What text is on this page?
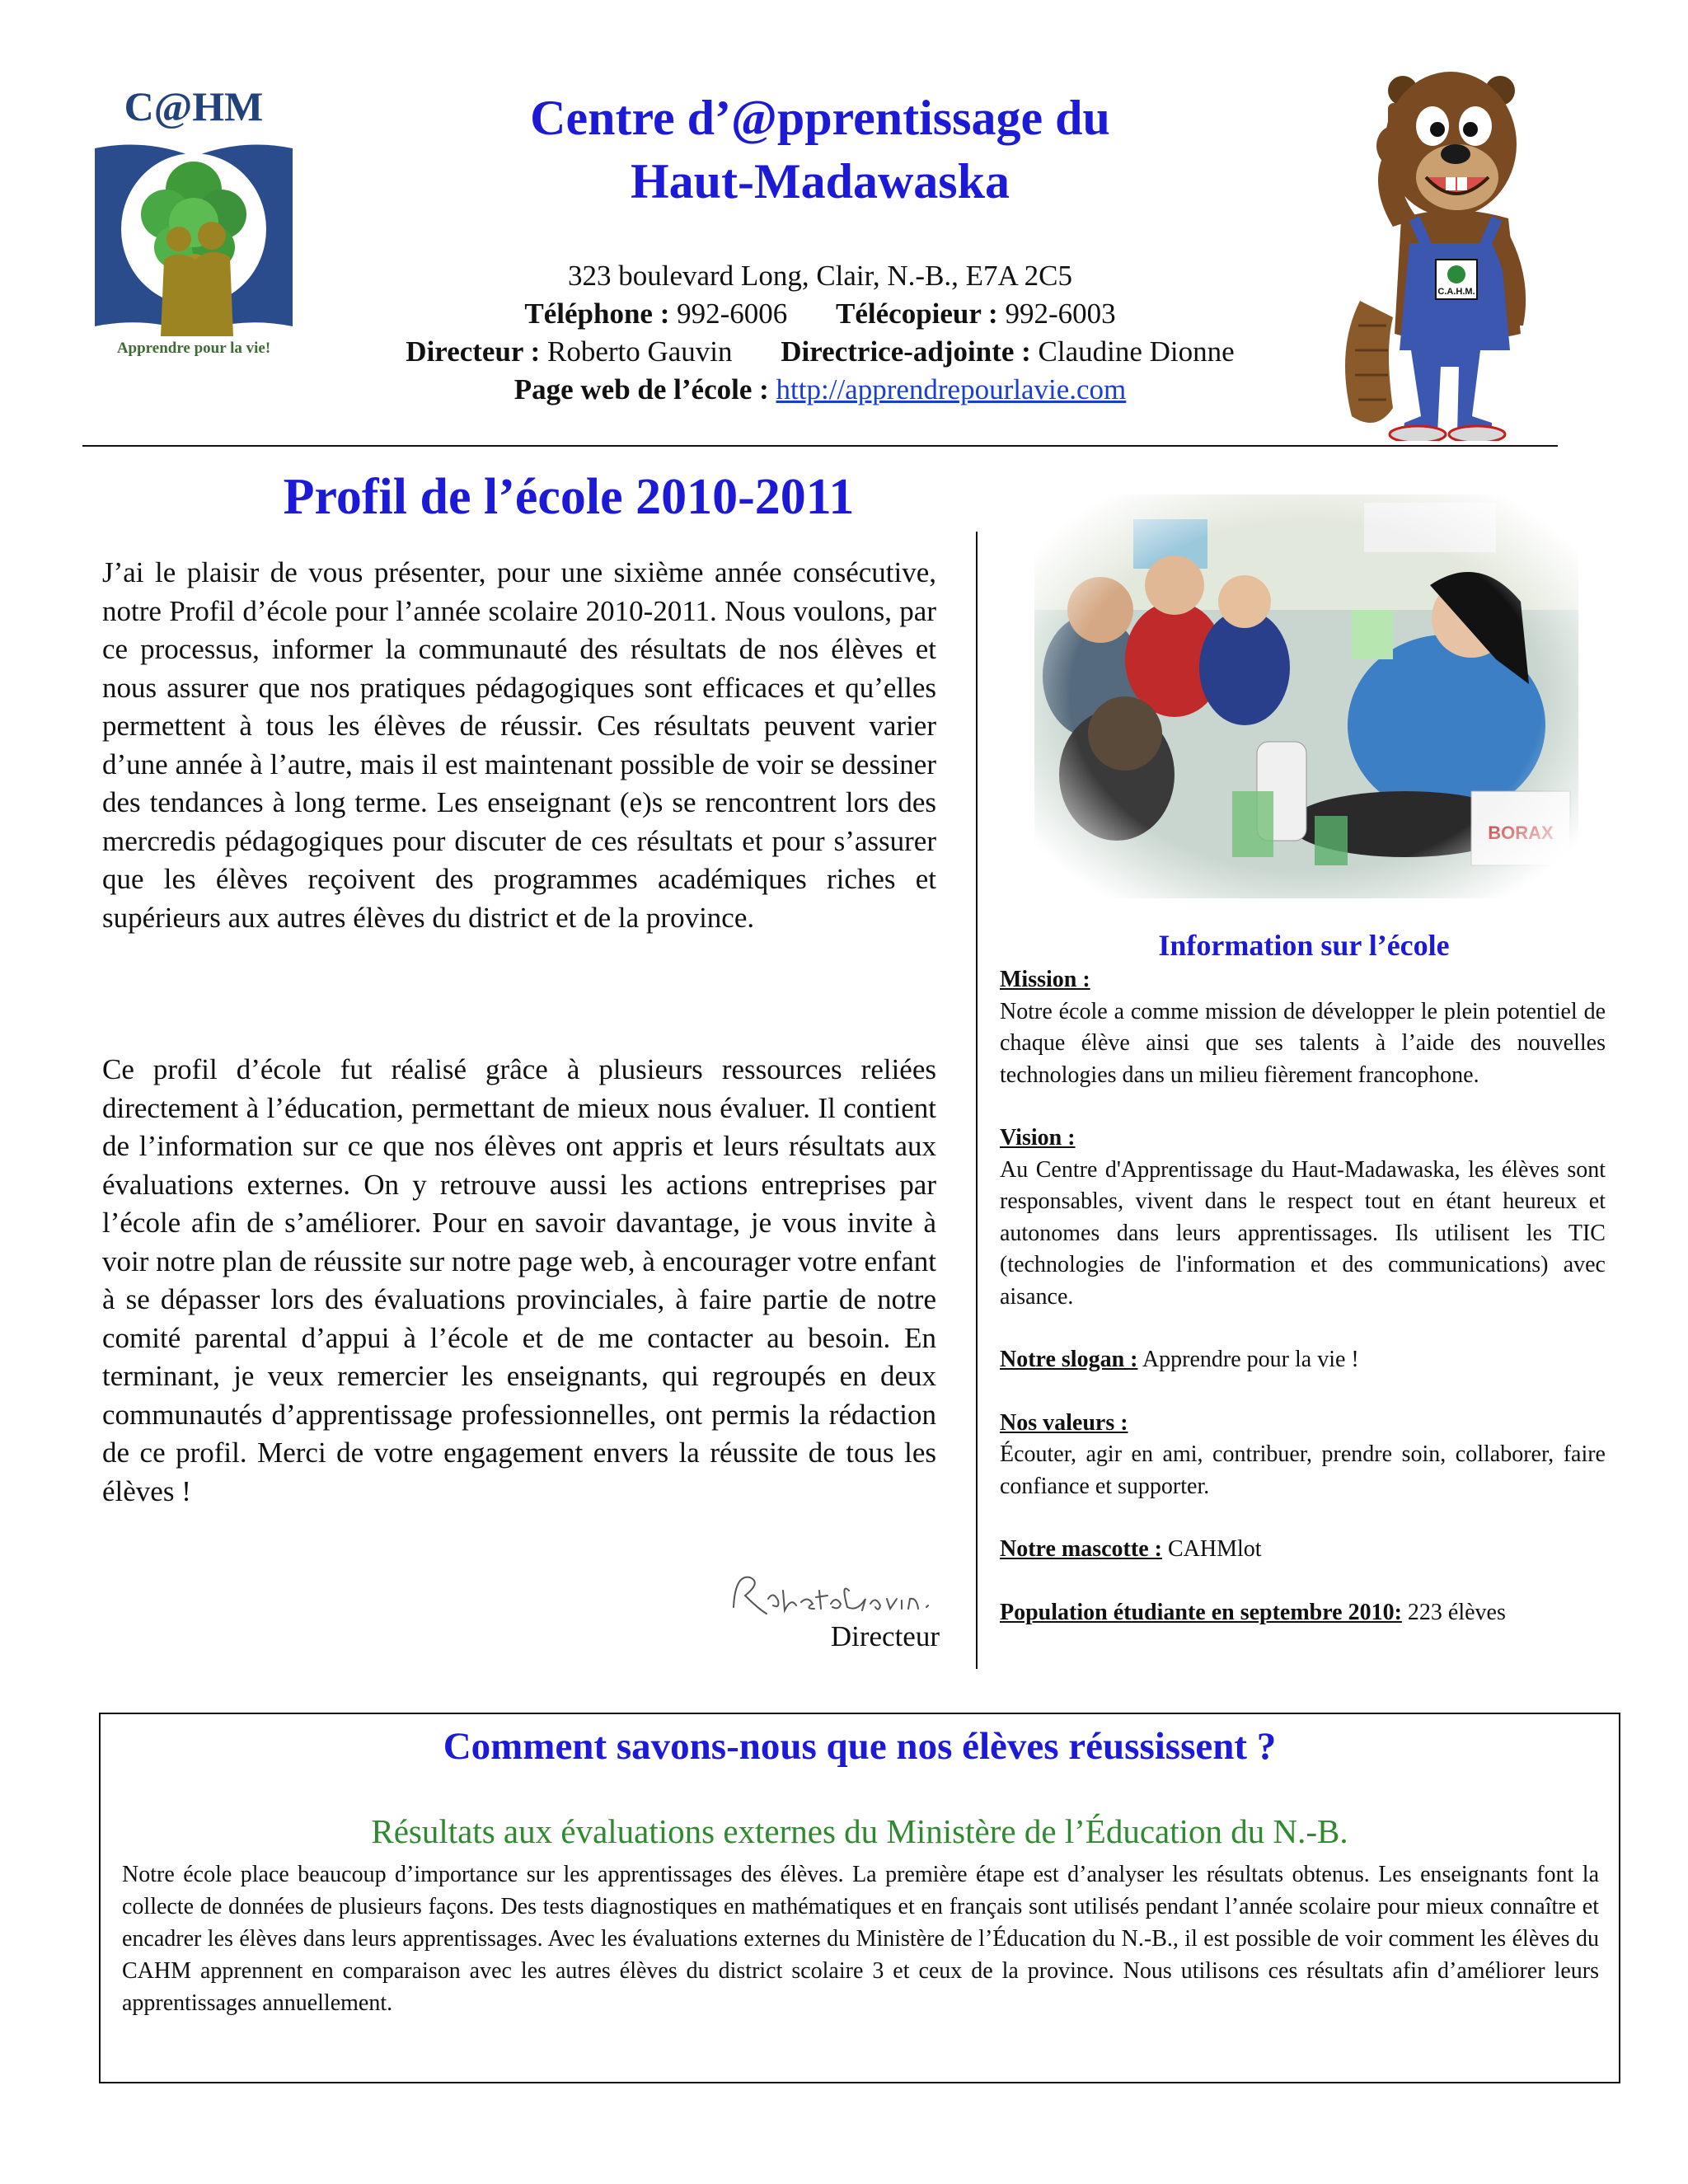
C@HM
Apprendre pour la vie!
Centre d’@pprentissage du
Haut-Madawaska
323 boulevard Long, Clair, N.-B., E7A 2C5
Téléphone : 992-6006 Télécopieur : 992-6003
Directeur : Roberto Gauvin Directrice-adjointe : Claudine Dionne
Page web de l’école : http://apprendrepourlavie.com
C.A.H.M.
Profil de l’école 2010-2011
J’ai le plaisir de vous présenter, pour une sixième année consécutive, notre Profil d’école pour l’année scolaire 2010-2011. Nous voulons, par ce processus, informer la communauté des résultats de nos élèves et nous assurer que nos pratiques pédagogiques sont efficaces et qu’elles permettent à tous les élèves de réussir. Ces résultats peuvent varier d’une année à l’autre, mais il est maintenant possible de voir se dessiner des tendances à long terme. Les enseignant (e)s se rencontrent lors des mercredis pédagogiques pour discuter de ces résultats et pour s’assurer que les élèves reçoivent des programmes académiques riches et supérieurs aux autres élèves du district et de la province.
Ce profil d’école fut réalisé grâce à plusieurs ressources reliées directement à l’éducation, permettant de mieux nous évaluer. Il contient de l’information sur ce que nos élèves ont appris et leurs résultats aux évaluations externes. On y retrouve aussi les actions entreprises par l’école afin de s’améliorer. Pour en savoir davantage, je vous invite à voir notre plan de réussite sur notre page web, à encourager votre enfant à se dépasser lors des évaluations provinciales, à faire partie de notre comité parental d’appui à l’école et de me contacter au besoin. En terminant, je veux remercier les enseignants, qui regroupés en deux communautés d’apprentissage professionnelles, ont permis la rédaction de ce profil. Merci de votre engagement envers la réussite de tous les élèves !
Directeur
Information sur l’école

Mission :

Notre école a comme mission de développer le plein potentiel de chaque élève ainsi que ses talents à l’aide des nouvelles technologies dans un milieu fièrement francophone.

Vision :

Au Centre d'Apprentissage du Haut-Madawaska, les élèves sont responsables, vivent dans le respect tout en étant heureux et autonomes dans leurs apprentissages. Ils utilisent les TIC (technologies de l'information et des communications) avec aisance.

Notre slogan : Apprendre pour la vie !

Nos valeurs :

Écouter, agir en ami, contribuer, prendre soin, collaborer, faire confiance et supporter.

Notre mascotte : CAHMlot

Population étudiante en septembre 2010: 223 élèves

Comment savons-nous que nos élèves réussissent ?
Résultats aux évaluations externes du Ministère de l’Éducation du N.-B.
Notre école place beaucoup d’importance sur les apprentissages des élèves. La première étape est d’analyser les résultats obtenus. Les enseignants font la collecte de données de plusieurs façons. Des tests diagnostiques en mathématiques et en français sont utilisés pendant l’année scolaire pour mieux connaître et encadrer les élèves dans leurs apprentissages. Avec les évaluations externes du Ministère de l’Éducation du N.-B., il est possible de voir comment les élèves du CAHM apprennent en comparaison avec les autres élèves du district scolaire 3 et ceux de la province. Nous utilisons ces résultats afin d’améliorer leurs apprentissages annuellement.
